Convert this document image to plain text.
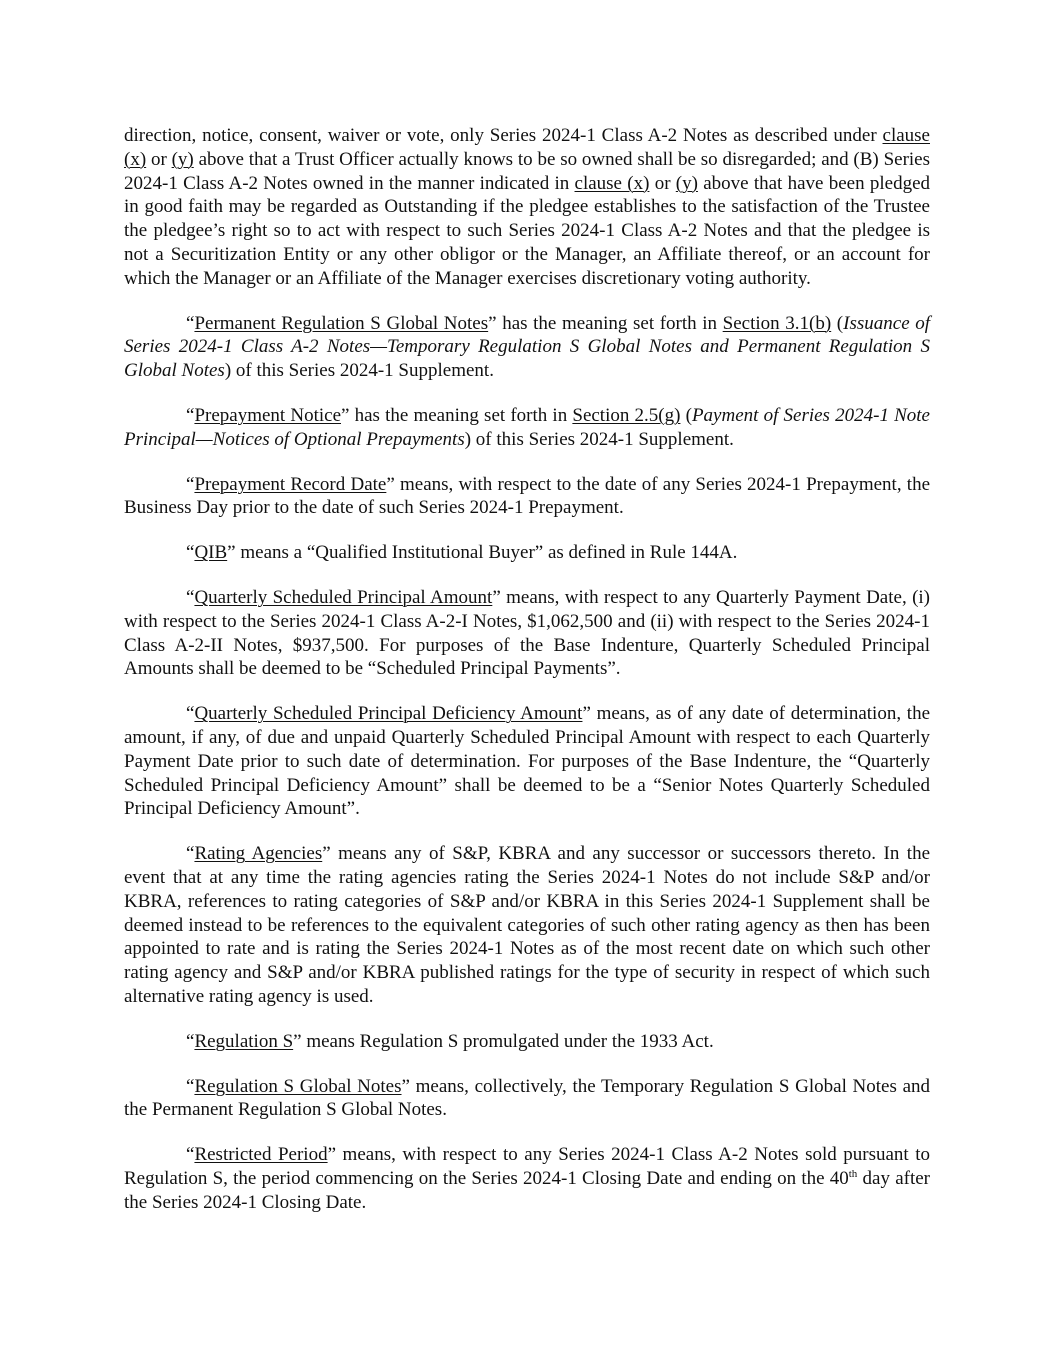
direction, notice, consent, waiver or vote, only Series 2024-1 Class A-2 Notes as described under clause (x) or (y) above that a Trust Officer actually knows to be so owned shall be so disregarded; and (B) Series 2024-1 Class A-2 Notes owned in the manner indicated in clause (x) or (y) above that have been pledged in good faith may be regarded as Outstanding if the pledgee establishes to the satisfaction of the Trustee the pledgee’s right so to act with respect to such Series 2024-1 Class A-2 Notes and that the pledgee is not a Securitization Entity or any other obligor or the Manager, an Affiliate thereof, or an account for which the Manager or an Affiliate of the Manager exercises discretionary voting authority.

“Permanent Regulation S Global Notes” has the meaning set forth in Section 3.1(b) (Issuance of Series 2024-1 Class A-2 Notes—Temporary Regulation S Global Notes and Permanent Regulation S Global Notes) of this Series 2024-1 Supplement.

“Prepayment Notice” has the meaning set forth in Section 2.5(g) (Payment of Series 2024-1 Note Principal—Notices of Optional Prepayments) of this Series 2024-1 Supplement.

“Prepayment Record Date” means, with respect to the date of any Series 2024-1 Prepayment, the Business Day prior to the date of such Series 2024-1 Prepayment.

“QIB” means a “Qualified Institutional Buyer” as defined in Rule 144A.

“Quarterly Scheduled Principal Amount” means, with respect to any Quarterly Payment Date, (i) with respect to the Series 2024-1 Class A-2-I Notes, $1,062,500 and (ii) with respect to the Series 2024-1 Class A-2-II Notes, $937,500. For purposes of the Base Indenture, Quarterly Scheduled Principal Amounts shall be deemed to be “Scheduled Principal Payments”.

“Quarterly Scheduled Principal Deficiency Amount” means, as of any date of determination, the amount, if any, of due and unpaid Quarterly Scheduled Principal Amount with respect to each Quarterly Payment Date prior to such date of determination. For purposes of the Base Indenture, the “Quarterly Scheduled Principal Deficiency Amount” shall be deemed to be a “Senior Notes Quarterly Scheduled Principal Deficiency Amount”.

“Rating Agencies” means any of S&P, KBRA and any successor or successors thereto. In the event that at any time the rating agencies rating the Series 2024-1 Notes do not include S&P and/or KBRA, references to rating categories of S&P and/or KBRA in this Series 2024-1 Supplement shall be deemed instead to be references to the equivalent categories of such other rating agency as then has been appointed to rate and is rating the Series 2024-1 Notes as of the most recent date on which such other rating agency and S&P and/or KBRA published ratings for the type of security in respect of which such alternative rating agency is used.

“Regulation S” means Regulation S promulgated under the 1933 Act.

“Regulation S Global Notes” means, collectively, the Temporary Regulation S Global Notes and the Permanent Regulation S Global Notes.

“Restricted Period” means, with respect to any Series 2024-1 Class A-2 Notes sold pursuant to Regulation S, the period commencing on the Series 2024-1 Closing Date and ending on the 40th day after the Series 2024-1 Closing Date.
